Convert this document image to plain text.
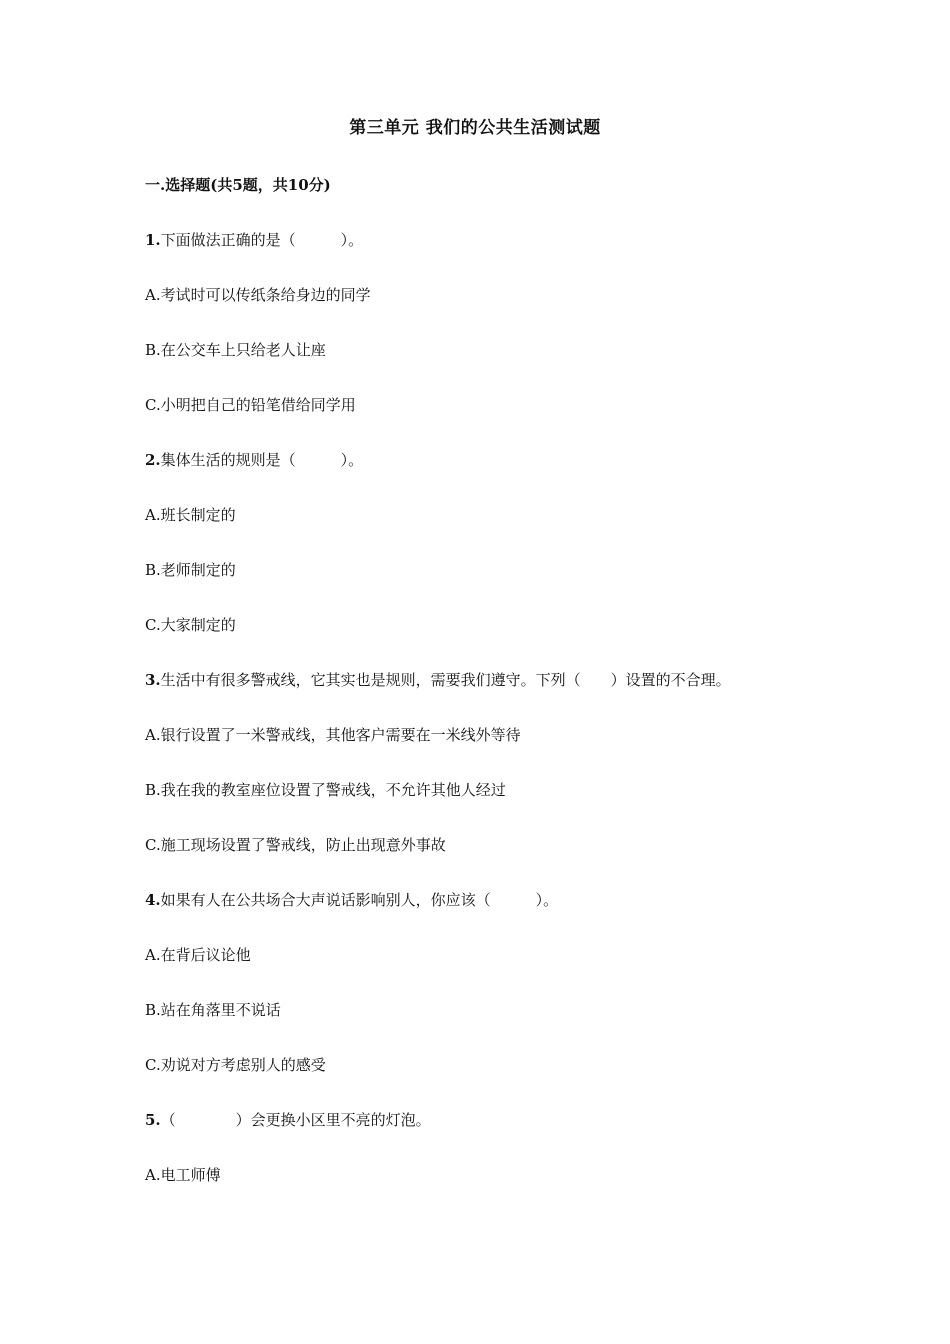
第三单元 我们的公共生活测试题
一.选择题(共5题，共10分)
1.下面做法正确的是（　　　）。
A.考试时可以传纸条给身边的同学
B.在公交车上只给老人让座
C.小明把自己的铅笔借给同学用
2.集体生活的规则是（　　　）。
A.班长制定的
B.老师制定的
C.大家制定的
3.生活中有很多警戒线，它其实也是规则，需要我们遵守。下列（　　）设置的不合理。
A.银行设置了一米警戒线，其他客户需要在一米线外等待
B.我在我的教室座位设置了警戒线，不允许其他人经过
C.施工现场设置了警戒线，防止出现意外事故
4.如果有人在公共场合大声说话影响别人，你应该（　　　）。
A.在背后议论他
B.站在角落里不说话
C.劝说对方考虑别人的感受
5.（　　　　）会更换小区里不亮的灯泡。
A.电工师傅
